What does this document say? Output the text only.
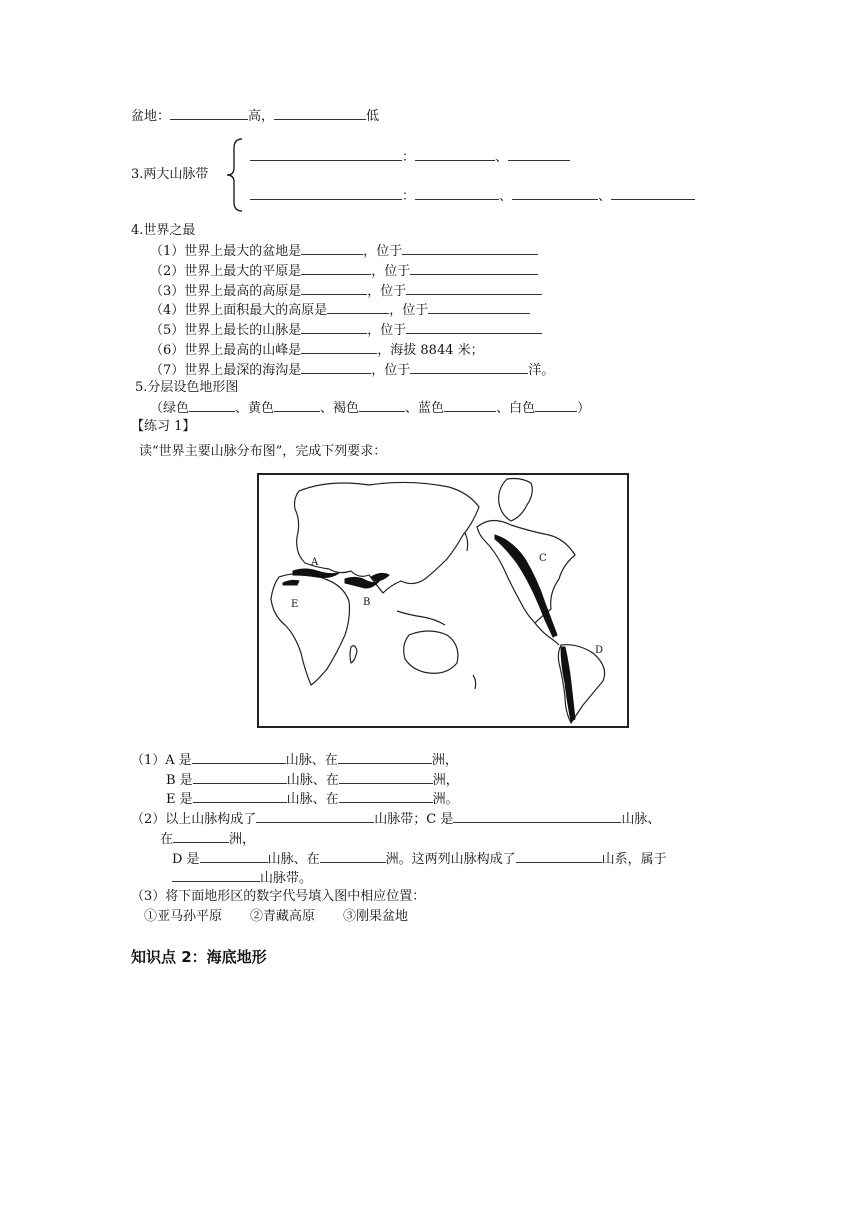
盆地：	高，	低
3.两大山脉带
：	、
：	、	、
4.世界之最
（1）世界上最大的盆地是	，位于
（2）世界上最大的平原是	，位于
（3）世界上最高的高原是	，位于
（4）世界上面积最大的高原是	，位于
（5）世界上最长的山脉是	，位于
（6）世界上最高的山峰是	，海拔 8844 米；
（7）世界上最深的海沟是	，位于	洋。
5.分层设色地形图
（绿色	、黄色	、褐色	、蓝色	、白色	）
【练习 1】
读“世界主要山脉分布图”，完成下列要求：
A
B
C
D
E
（1）A 是	山脉、在	洲，
B 是	山脉、在	洲，
E 是	山脉、在	洲。
（2）以上山脉构成了	山脉带；C 是	山脉、
在	洲，
D 是	山脉、在	洲。这两列山脉构成了	山系，属于
山脉带。
（3）将下面地形区的数字代号填入图中相应位置：
①亚马孙平原 ②青藏高原 ③刚果盆地
知识点 2：海底地形
